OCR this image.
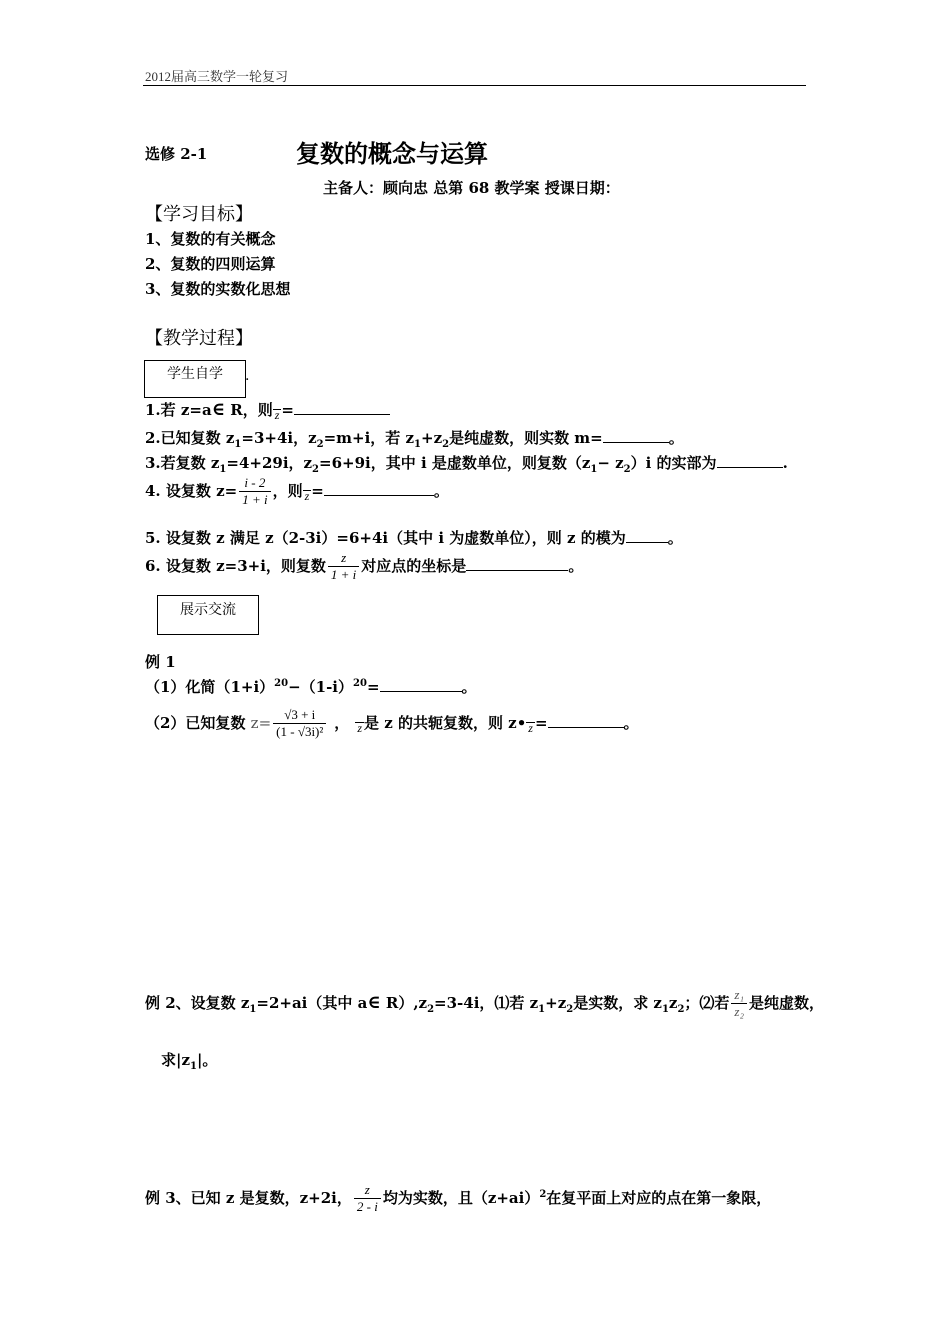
2012届高三数学一轮复习
选修 2-1	复数的概念与运算
主备人：顾向忠 总第 68 教学案 授课日期：
【学习目标】
1、复数的有关概念
2、复数的四则运算
3、复数的实数化思想
【教学过程】
学生自学	.
1.若 z=a∈ R，则 z =
2.已知复数 $z_1=3+4i$，$z_2=m+i$，若 $z_1+z_2$是纯虚数，则实数 m=	。
3.若复数 $z_1=4+29i$，$z_2=6+9i$，其中 i 是虚数单位，则复数$(z_1- z_2)i$ 的实部为	.
4. 设复数 $z= \frac{i - 2}{1 + i}$ ，则 z =	。
5. 设复数 z 满足 z（2-3i）=6+4i（其中 i 为虚数单位），则 z 的模为	。
6. 设复数 z=3+i，则复数 $\frac{z}{1 + i}$ 对应点的坐标是	。
展示交流
例 1
（1）化简$(1+i)^{20}-(1-i)^{20}=$	。
（2）已知复数 $z= \frac{√3 + i}{\text{(1 - √3i)²}}$ ， z 是 z 的共轭复数，则 z• z =	。
例 2、设复数 $z_1=2+ai$（其中 a∈ $R),z_2=3-4i$，⑴若 $z_1+z_2$是实数，求 $z_1z_2$；⑵若 $\frac{\text{z₁}}{\text{z₂}}$ 是纯虚数，
求$|z_1|$。
例 3、已知 z 是复数，z+2i， $\frac{z}{2 - i}$ 均为实数，且$(z+ai)^2$在复平面上对应的点在第一象限，
